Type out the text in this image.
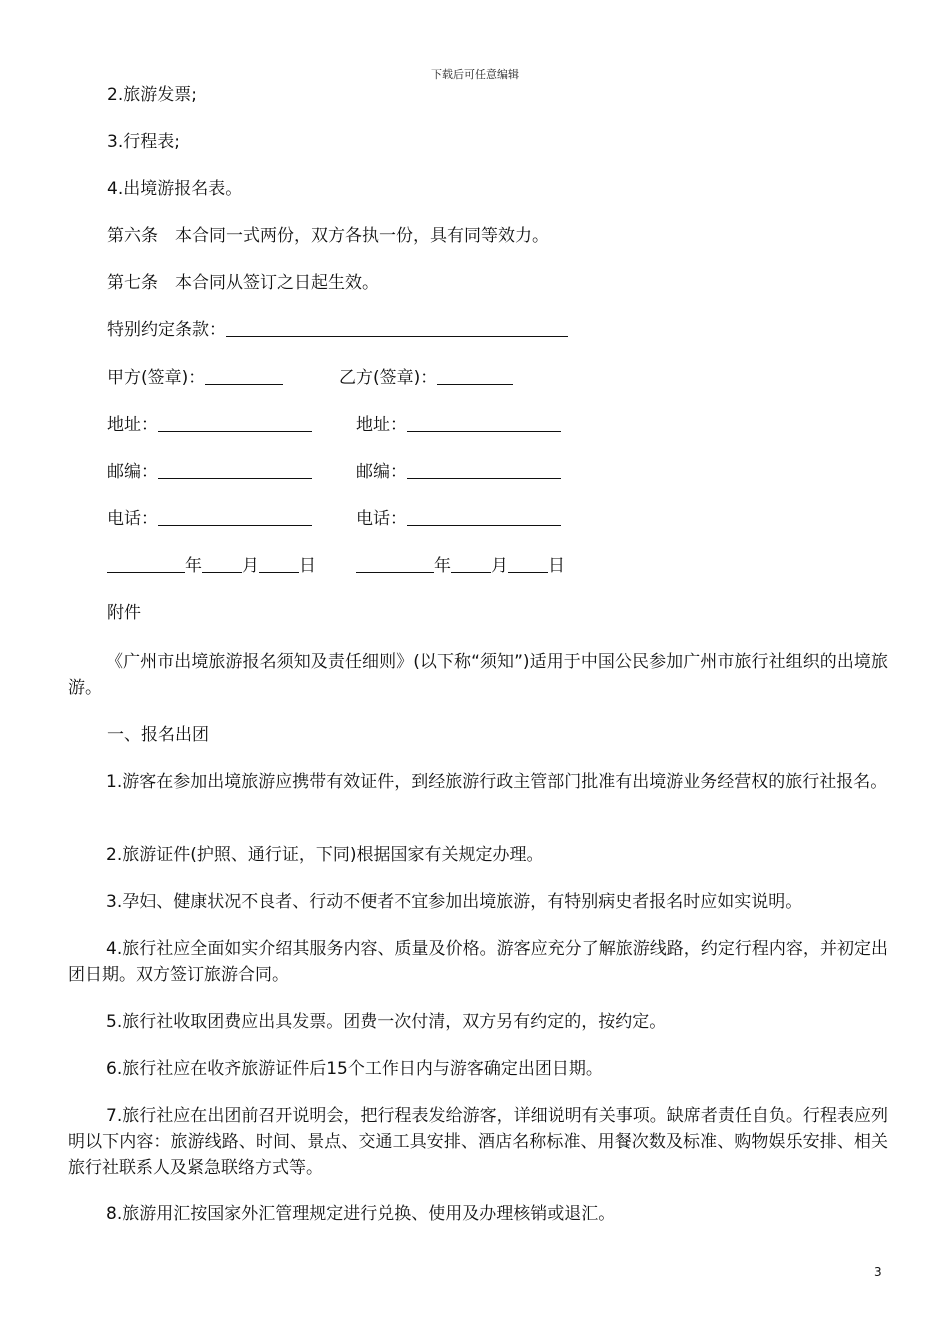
下载后可任意编辑
2.旅游发票;
3.行程表;
4.出境游报名表。
第六条　本合同一式两份，双方各执一份，具有同等效力。
第七条　本合同从签订之日起生效。
特别约定条款：
甲方(签章)：	乙方(签章)：
地址：	地址：
邮编：	邮编：
电话：	电话：
年 月 日	年 月 日
附件
《广州市出境旅游报名须知及责任细则》(以下称“须知”)适用于中国公民参加广州市旅行社组织的出境旅游。
一、报名出团
1.游客在参加出境旅游应携带有效证件，到经旅游行政主管部门批准有出境游业务经营权的旅行社报名。
2.旅游证件(护照、通行证，下同)根据国家有关规定办理。
3.孕妇、健康状况不良者、行动不便者不宜参加出境旅游，有特别病史者报名时应如实说明。
4.旅行社应全面如实介绍其服务内容、质量及价格。游客应充分了解旅游线路，约定行程内容，并初定出团日期。双方签订旅游合同。
5.旅行社收取团费应出具发票。团费一次付清，双方另有约定的，按约定。
6.旅行社应在收齐旅游证件后15个工作日内与游客确定出团日期。
7.旅行社应在出团前召开说明会，把行程表发给游客，详细说明有关事项。缺席者责任自负。行程表应列明以下内容：旅游线路、时间、景点、交通工具安排、酒店名称标准、用餐次数及标准、购物娱乐安排、相关旅行社联系人及紧急联络方式等。
8.旅游用汇按国家外汇管理规定进行兑换、使用及办理核销或退汇。
3
